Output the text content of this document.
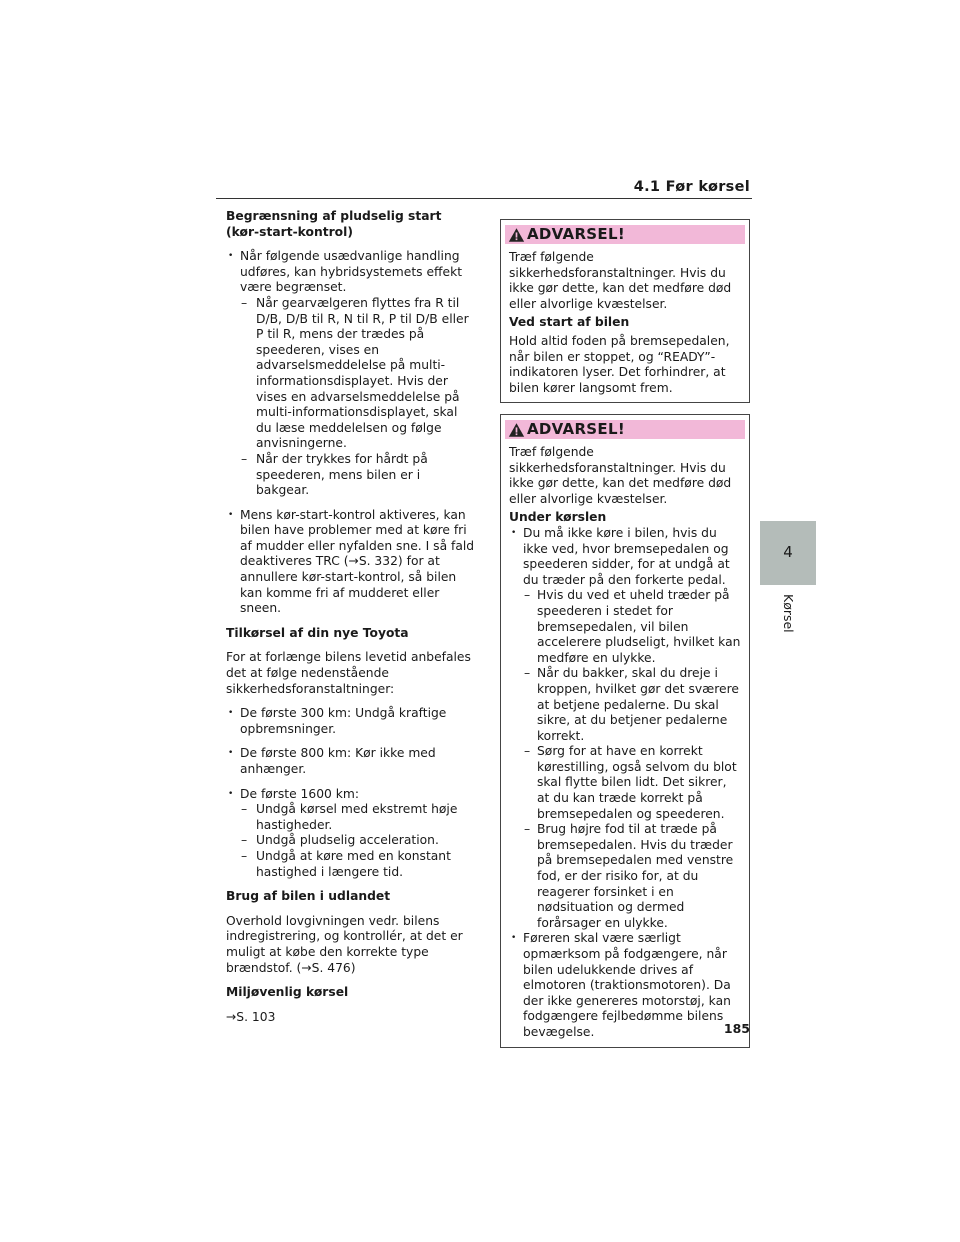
4.1 Før kørsel
4
Kørsel

Begrænsning af pludselig start
(kør-start-kontrol)

• Når følgende usædvanlige handling udføres, kan hybridsystemets effekt være begrænset.
– Når gearvælgeren flyttes fra R til D/B, D/B til R, N til R, P til D/B eller P til R, mens der trædes på speederen, vises en advarselsmeddelelse på multi-informationsdisplayet. Hvis der vises en advarselsmeddelelse på multi-informationsdisplayet, skal du læse meddelelsen og følge anvisningerne.
– Når der trykkes for hårdt på speederen, mens bilen er i bakgear.
• Mens kør-start-kontrol aktiveres, kan bilen have problemer med at køre fri af mudder eller nyfalden sne. I så fald deaktiveres TRC (→S. 332) for at annullere kør-start-kontrol, så bilen kan komme fri af mudderet eller sneen.

Tilkørsel af din nye Toyota

For at forlænge bilens levetid anbefales det at følge nedenstående sikkerhedsforanstaltninger:

• De første 300 km: Undgå kraftige opbremsninger.
• De første 800 km: Kør ikke med anhænger.
• De første 1600 km:
– Undgå kørsel med ekstremt høje hastigheder.
– Undgå pludselig acceleration.
– Undgå at køre med en konstant hastighed i længere tid.

Brug af bilen i udlandet

Overhold lovgivningen vedr. bilens indregistrering, og kontrollér, at det er muligt at købe den korrekte type brændstof. (→S. 476)

Miljøvenlig kørsel

→S. 103

ADVARSEL!

Træf følgende sikkerhedsforanstaltninger. Hvis du ikke gør dette, kan det medføre død eller alvorlige kvæstelser.

Ved start af bilen

Hold altid foden på bremsepedalen, når bilen er stoppet, og “READY”-indikatoren lyser. Det forhindrer, at bilen kører langsomt frem.

ADVARSEL!

Træf følgende sikkerhedsforanstaltninger. Hvis du ikke gør dette, kan det medføre død eller alvorlige kvæstelser.

Under kørslen

• Du må ikke køre i bilen, hvis du ikke ved, hvor bremsepedalen og speederen sidder, for at undgå at du træder på den forkerte pedal.
– Hvis du ved et uheld træder på speederen i stedet for bremsepedalen, vil bilen accelerere pludseligt, hvilket kan medføre en ulykke.
– Når du bakker, skal du dreje i kroppen, hvilket gør det sværere at betjene pedalerne. Du skal sikre, at du betjener pedalerne korrekt.
– Sørg for at have en korrekt kørestilling, også selvom du blot skal flytte bilen lidt. Det sikrer, at du kan træde korrekt på bremsepedalen og speederen.
– Brug højre fod til at træde på bremsepedalen. Hvis du træder på bremsepedalen med venstre fod, er der risiko for, at du reagerer forsinket i en nødsituation og dermed forårsager en ulykke.
• Føreren skal være særligt opmærksom på fodgængere, når bilen udelukkende drives af elmotoren (traktionsmotoren). Da der ikke genereres motorstøj, kan fodgængere fejlbedømme bilens bevægelse.	185
